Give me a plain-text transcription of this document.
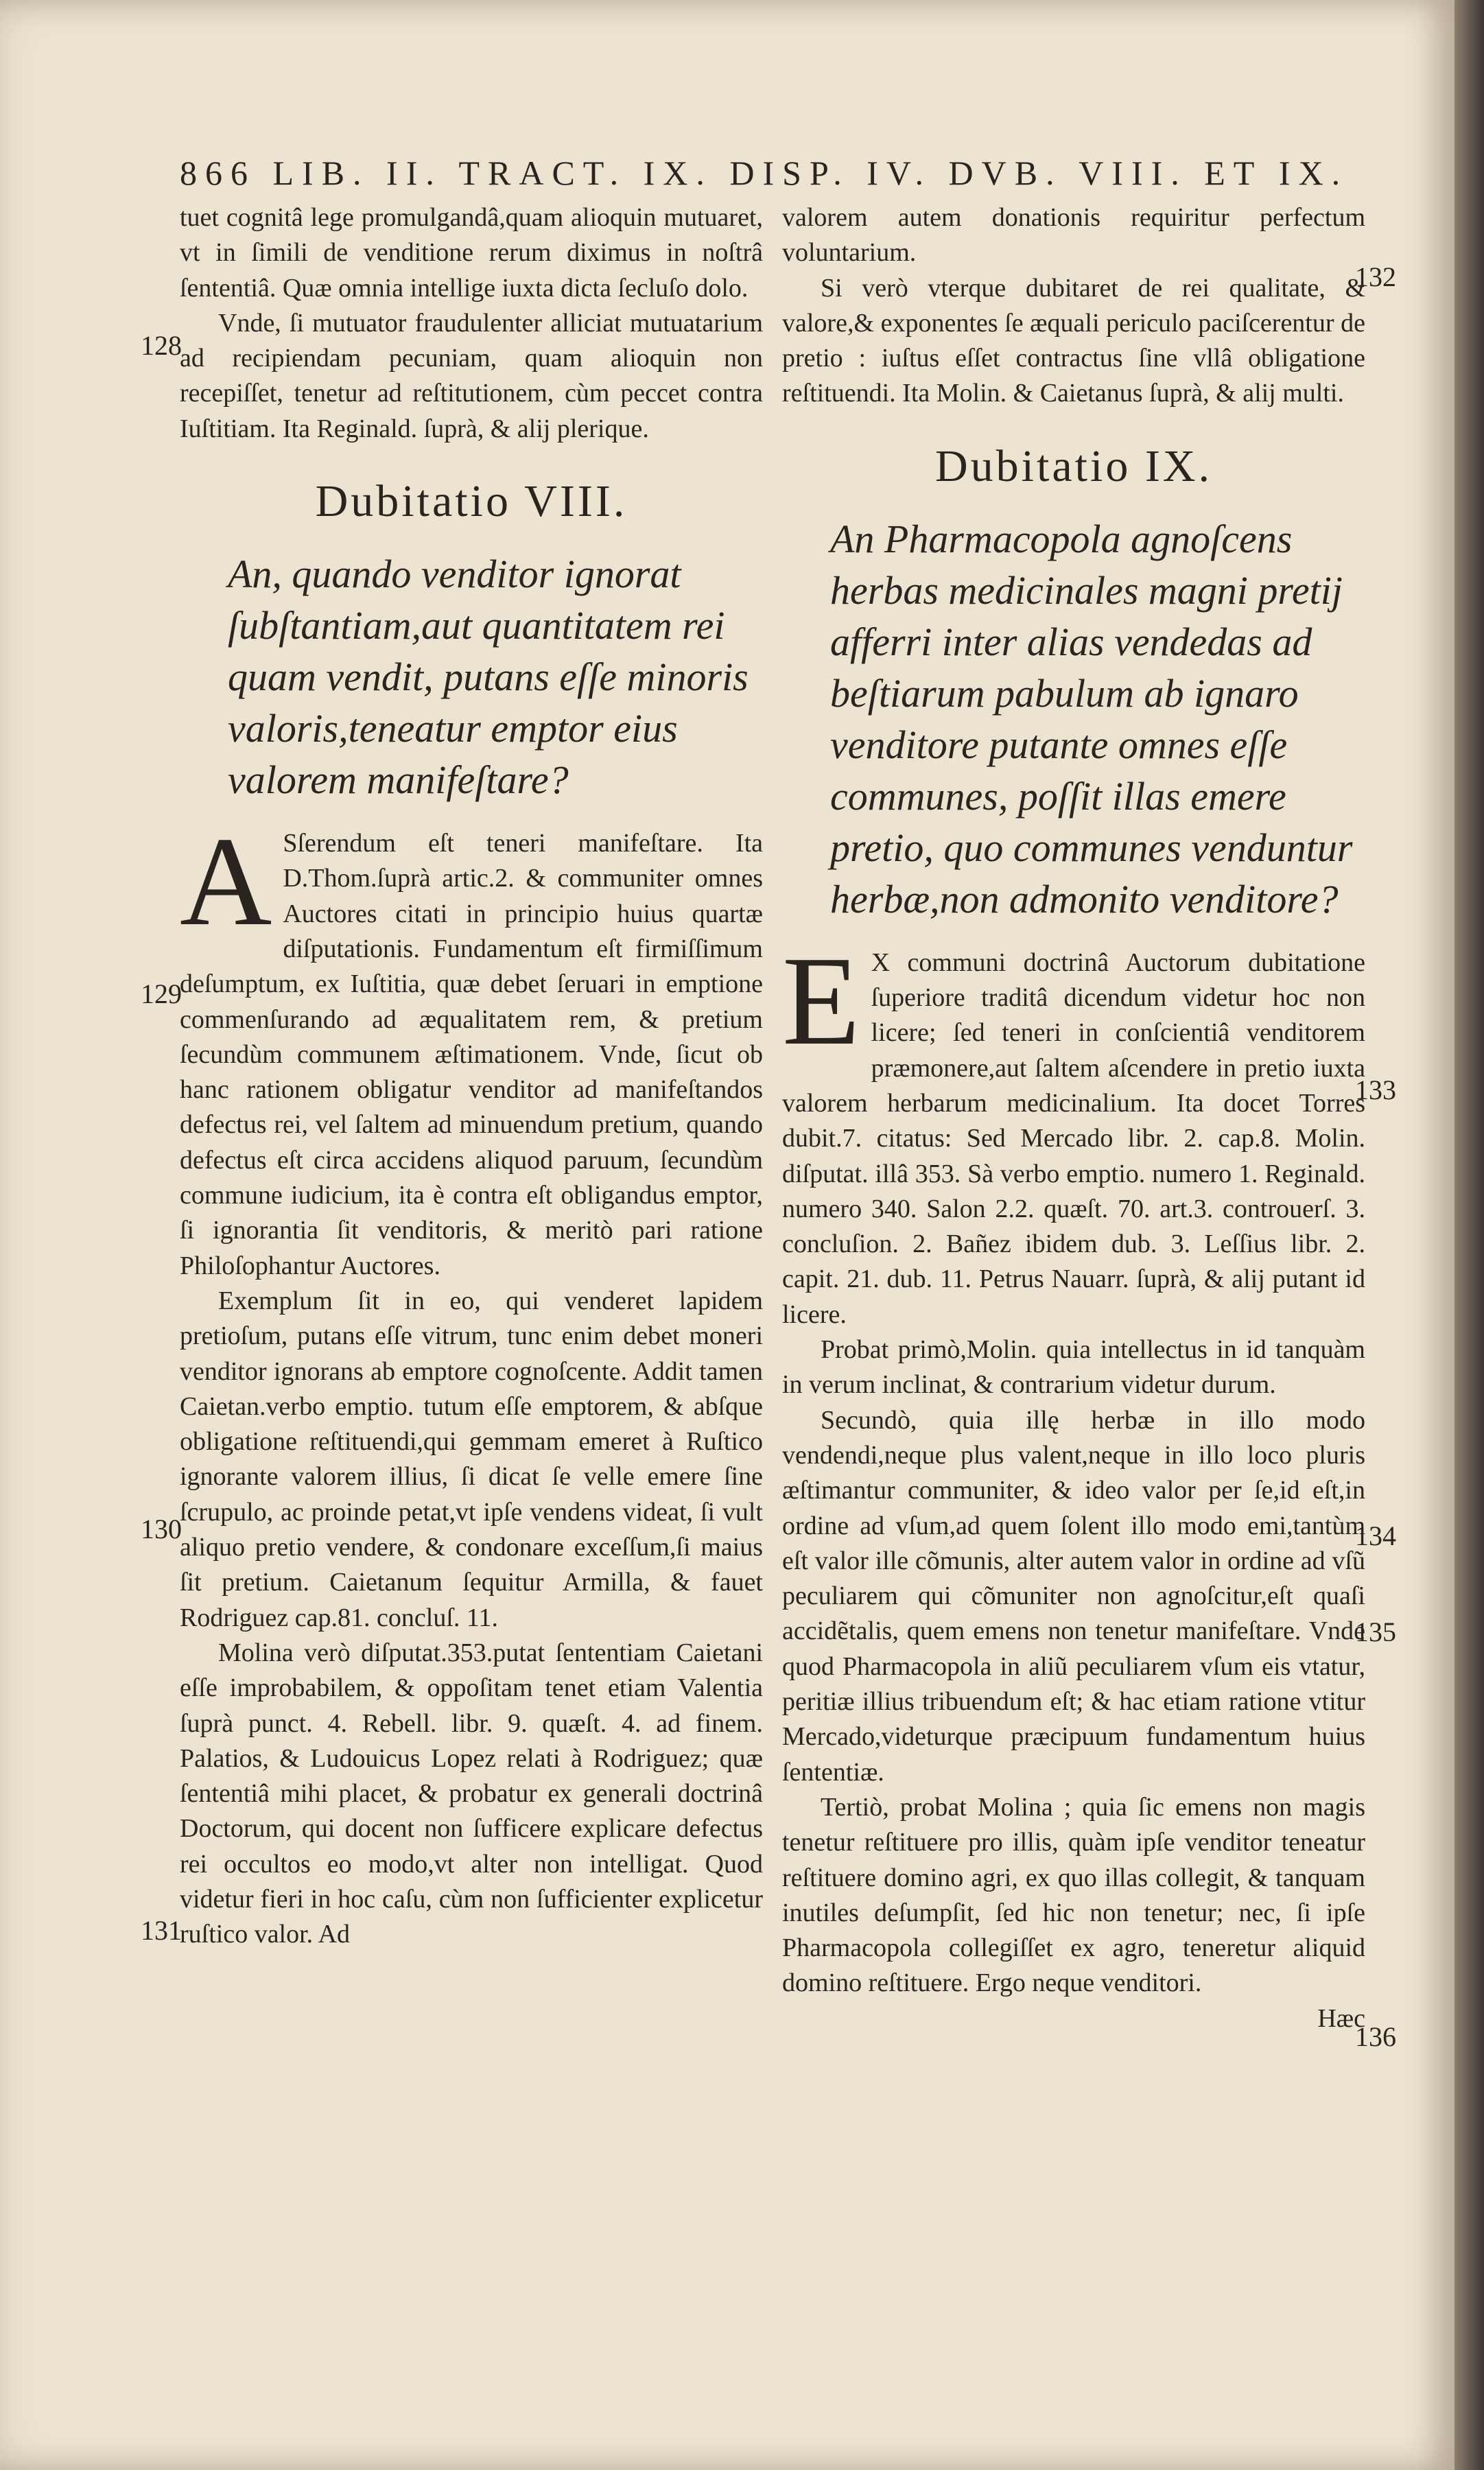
866 LIB. II. TRACT. IX. DISP. IV. DVB. VIII. ET IX.

tuet cognitâ lege promulgandâ,quam alioquin mutuaret, vt in ſimili de venditione rerum diximus in noſtrâ ſententiâ. Quæ omnia intellige iuxta dicta ſecluſo dolo.

Vnde, ſi mutuator fraudulenter alliciat mutuatarium ad recipiendam pecuniam, quam alioquin non recepiſſet, tenetur ad reſtitutionem, cùm peccet contra Iuſtitiam. Ita Reginald. ſuprà, & alij plerique.

Dubitatio VIII.
An, quando venditor ignorat ſubſtantiam,aut quantitatem rei quam vendit, putans eſſe minoris valoris,teneatur emptor eius valorem manifeſtare?

A Sſerendum eſt teneri manifeſtare. Ita D.Thom.ſuprà artic.2. & communiter omnes Auctores citati in principio huius quartæ diſputationis. Fundamentum eſt firmiſſimum deſumptum, ex Iuſtitia, quæ debet ſeruari in emptione commenſurando ad æqualitatem rem, & pretium ſecundùm communem æſtimationem. Vnde, ſicut ob hanc rationem obligatur venditor ad manifeſtandos defectus rei, vel ſaltem ad minuendum pretium, quando defectus eſt circa accidens aliquod paruum, ſecundùm commune iudicium, ita è contra eſt obligandus emptor, ſi ignorantia ſit venditoris, & meritò pari ratione Philoſophantur Auctores.

Exemplum ſit in eo, qui venderet lapidem pretioſum, putans eſſe vitrum, tunc enim debet moneri venditor ignorans ab emptore cognoſcente. Addit tamen Caietan.verbo emptio. tutum eſſe emptorem, & abſque obligatione reſtituendi,qui gemmam emeret à Ruſtico ignorante valorem illius, ſi dicat ſe velle emere ſine ſcrupulo, ac proinde petat,vt ipſe vendens videat, ſi vult aliquo pretio vendere, & condonare exceſſum,ſi maius ſit pretium. Caietanum ſequitur Armilla, & fauet Rodriguez cap.81. concluſ. 11.

Molina verò diſputat.353.putat ſententiam Caietani eſſe improbabilem, & oppoſitam tenet etiam Valentia ſuprà punct. 4. Rebell. libr. 9. quæſt. 4. ad finem. Palatios, & Ludouicus Lopez relati à Rodriguez; quæ ſententiâ mihi placet, & probatur ex generali doctrinâ Doctorum, qui docent non ſufficere explicare defectus rei occultos eo modo,vt alter non intelligat. Quod videtur fieri in hoc caſu, cùm non ſufficienter explicetur ruſtico valor. Ad

valorem autem donationis requiritur perfectum voluntarium.

Si verò vterque dubitaret de rei qualitate, & valore,& exponentes ſe æquali periculo paciſcerentur de pretio : iuſtus eſſet contractus ſine vllâ obligatione reſtituendi. Ita Molin. & Caietanus ſuprà, & alij multi.

Dubitatio IX.
An Pharmacopola agnoſcens herbas medicinales magni pretij afferri inter alias vendedas ad beſtiarum pabulum ab ignaro venditore putante omnes eſſe communes, poſſit illas emere pretio, quo communes venduntur herbæ,non admonito venditore?

E X communi doctrinâ Auctorum dubitatione ſuperiore traditâ dicendum videtur hoc non licere; ſed teneri in conſcientiâ venditorem præmonere,aut ſaltem aſcendere in pretio iuxta valorem herbarum medicinalium. Ita docet Torres dubit.7. citatus: Sed Mercado libr. 2. cap.8. Molin. diſputat. illâ 353. Sà verbo emptio. numero 1. Reginald. numero 340. Salon 2.2. quæſt. 70. art.3. controuerſ. 3. concluſion. 2. Bañez ibidem dub. 3. Leſſius libr. 2. capit. 21. dub. 11. Petrus Nauarr. ſuprà, & alij putant id licere.

Probat primò,Molin. quia intellectus in id tanquàm in verum inclinat, & contrarium videtur durum.

Secundò, quia illę herbæ in illo modo vendendi,neque plus valent,neque in illo loco pluris æſtimantur communiter, & ideo valor per ſe,id eſt,in ordine ad vſum,ad quem ſolent illo modo emi,tantùm eſt valor ille cõmunis, alter autem valor in ordine ad vſũ peculiarem qui cõmuniter non agnoſcitur,eſt quaſi accidẽtalis, quem emens non tenetur manifeſtare. Vnde quod Pharmacopola in aliũ peculiarem vſum eis vtatur, peritiæ illius tribuendum eſt; & hac etiam ratione vtitur Mercado,videturque præcipuum fundamentum huius ſententiæ.

Tertiò, probat Molina ; quia ſic emens non magis tenetur reſtituere pro illis, quàm ipſe venditor teneatur reſtituere domino agri, ex quo illas collegit, & tanquam inutiles deſumpſit, ſed hic non tenetur; nec, ſi ipſe Pharmacopola collegiſſet ex agro, teneretur aliquid domino reſtituere. Ergo neque venditori.

Hæc

128
129
130
131
132
133
134
135
136
